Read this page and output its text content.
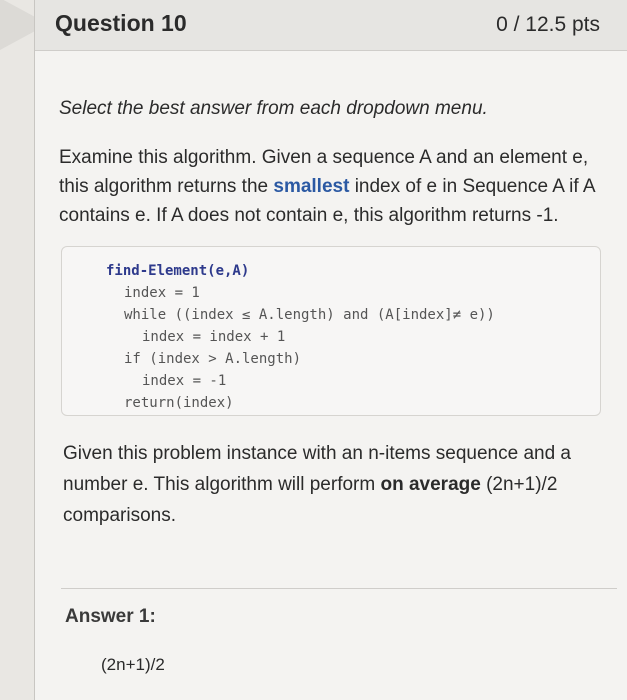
Question 10	0 / 12.5 pts
Select the best answer from each dropdown menu.
Examine this algorithm. Given a sequence A and an element e, this algorithm returns the smallest index of e in Sequence A if A contains e. If A does not contain e, this algorithm returns -1.
find-Element(e,A)
index = 1
while ((index ≤ A.length) and (A[index]≠ e))
index = index + 1
if (index > A.length)
index = -1
return(index)
Given this problem instance with an n-items sequence and a number e. This algorithm will perform on average (2n+1)/2 comparisons.
Answer 1:
(2n+1)/2
